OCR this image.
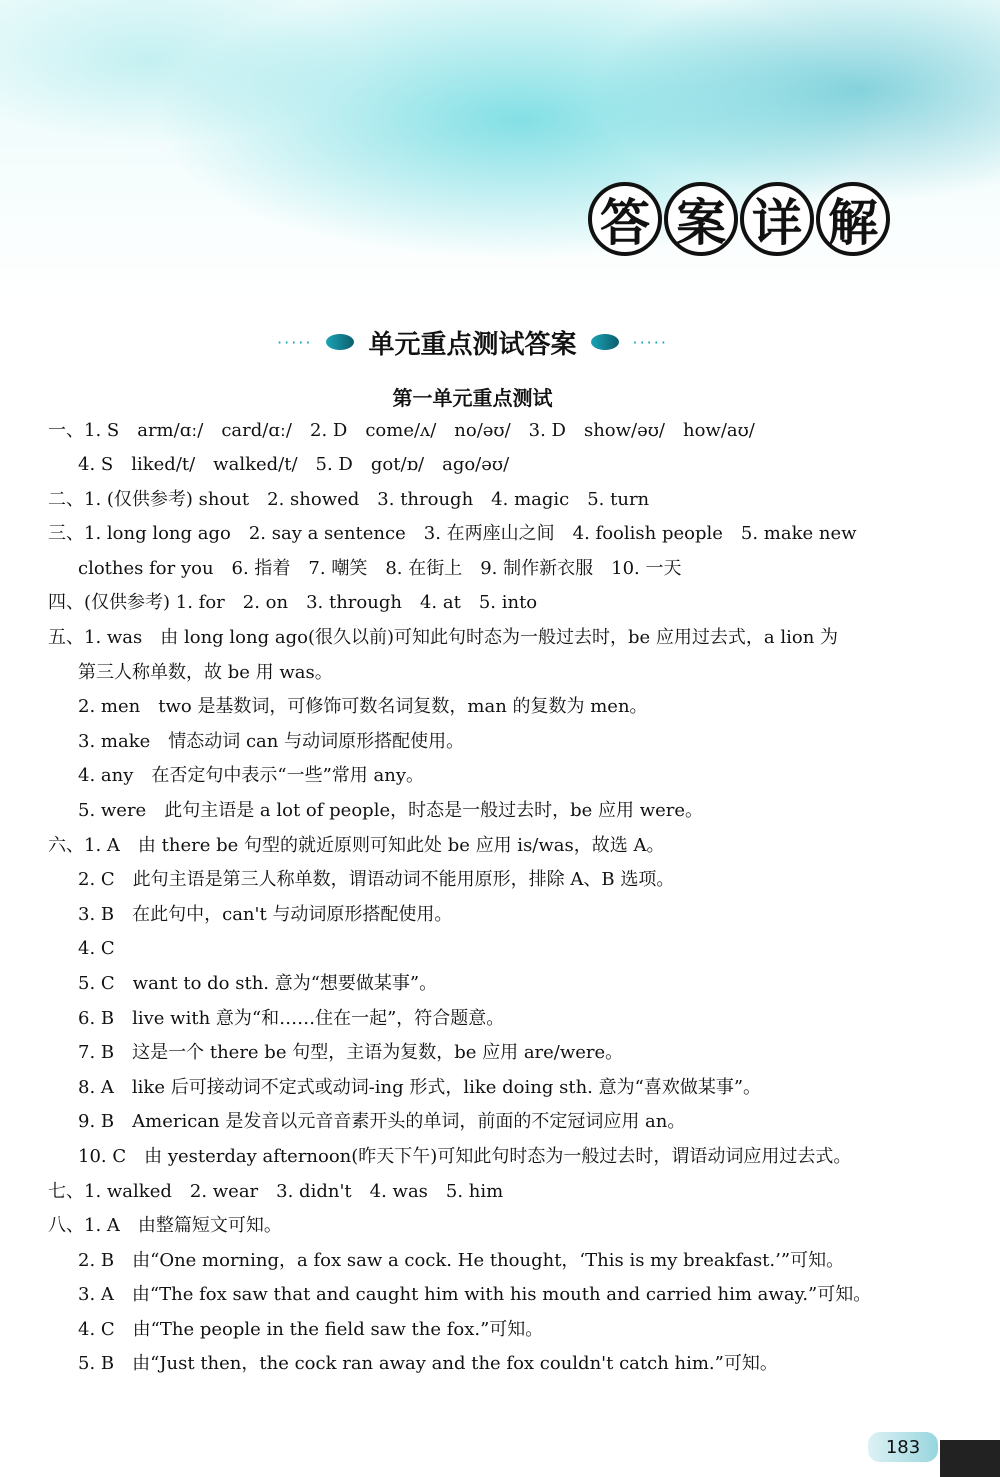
答 案 详 解
····· 单元重点测试答案	·····
第一单元重点测试
一、1. S　arm/ɑː/　card/ɑː/　2. D　come/ʌ/　no/əʊ/　3. D　show/əʊ/　how/aʊ/
4. S　liked/t/　walked/t/　5. D　got/ɒ/　ago/əʊ/
二、1. (仅供参考) shout　2. showed　3. through　4. magic　5. turn
三、1. long long ago　2. say a sentence　3. 在两座山之间　4. foolish people　5. make new
clothes for you　6. 指着　7. 嘲笑　8. 在街上　9. 制作新衣服　10. 一天
四、(仅供参考) 1. for　2. on　3. through　4. at　5. into
五、1. was　由 long long ago(很久以前)可知此句时态为一般过去时，be 应用过去式，a lion 为
第三人称单数，故 be 用 was。
2. men　two 是基数词，可修饰可数名词复数，man 的复数为 men。
3. make　情态动词 can 与动词原形搭配使用。
4. any　在否定句中表示“一些”常用 any。
5. were　此句主语是 a lot of people，时态是一般过去时，be 应用 were。
六、1. A　由 there be 句型的就近原则可知此处 be 应用 is/was，故选 A。
2. C　此句主语是第三人称单数，谓语动词不能用原形，排除 A、B 选项。
3. B　在此句中，can't 与动词原形搭配使用。
4. C
5. C　want to do sth. 意为“想要做某事”。
6. B　live with 意为“和……住在一起”，符合题意。
7. B　这是一个 there be 句型，主语为复数，be 应用 are/were。
8. A　like 后可接动词不定式或动词-ing 形式，like doing sth. 意为“喜欢做某事”。
9. B　American 是发音以元音音素开头的单词，前面的不定冠词应用 an。
10. C　由 yesterday afternoon(昨天下午)可知此句时态为一般过去时，谓语动词应用过去式。
七、1. walked　2. wear　3. didn't　4. was　5. him
八、1. A　由整篇短文可知。
2. B　由“One morning，a fox saw a cock. He thought，‘This is my breakfast.’”可知。
3. A　由“The fox saw that and caught him with his mouth and carried him away.”可知。
4. C　由“The people in the field saw the fox.”可知。
5. B　由“Just then，the cock ran away and the fox couldn't catch him.”可知。
183
